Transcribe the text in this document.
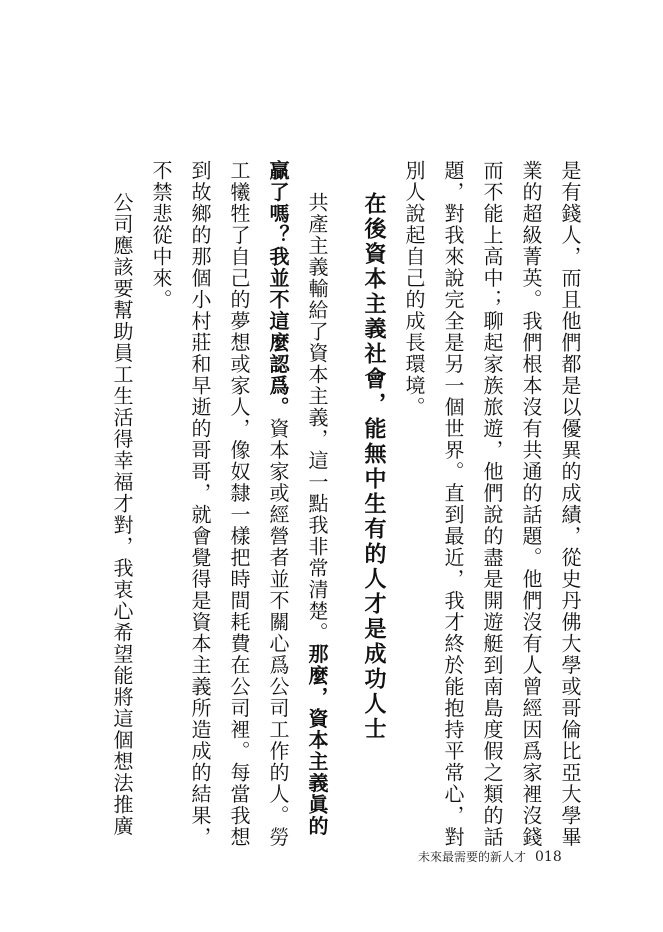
是有錢人，而且他們都是以優異的成績，從史丹佛大學或哥倫比亞大學畢
業的超級菁英。我們根本沒有共通的話題。他們沒有人曾經因爲家裡沒錢
而不能上高中；聊起家族旅遊，他們說的盡是開遊艇到南島度假之類的話
題，對我來說完全是另一個世界。直到最近，我才終於能抱持平常心，對
別人說起自己的成長環境。
在後資本主義社會，能無中生有的人才是成功人士
共產主義輸給了資本主義，這一點我非常清楚。那麼，資本主義眞的
贏了嗎？我並不這麼認爲。資本家或經營者並不關心爲公司工作的人。勞
工犧牲了自己的夢想或家人，像奴隸一樣把時間耗費在公司裡。每當我想
到故鄉的那個小村莊和早逝的哥哥，就會覺得是資本主義所造成的結果，
不禁悲從中來。
未來最需要的新人才 018
公司應該要幫助員工生活得幸福才對，我衷心希望能將這個想法推廣
